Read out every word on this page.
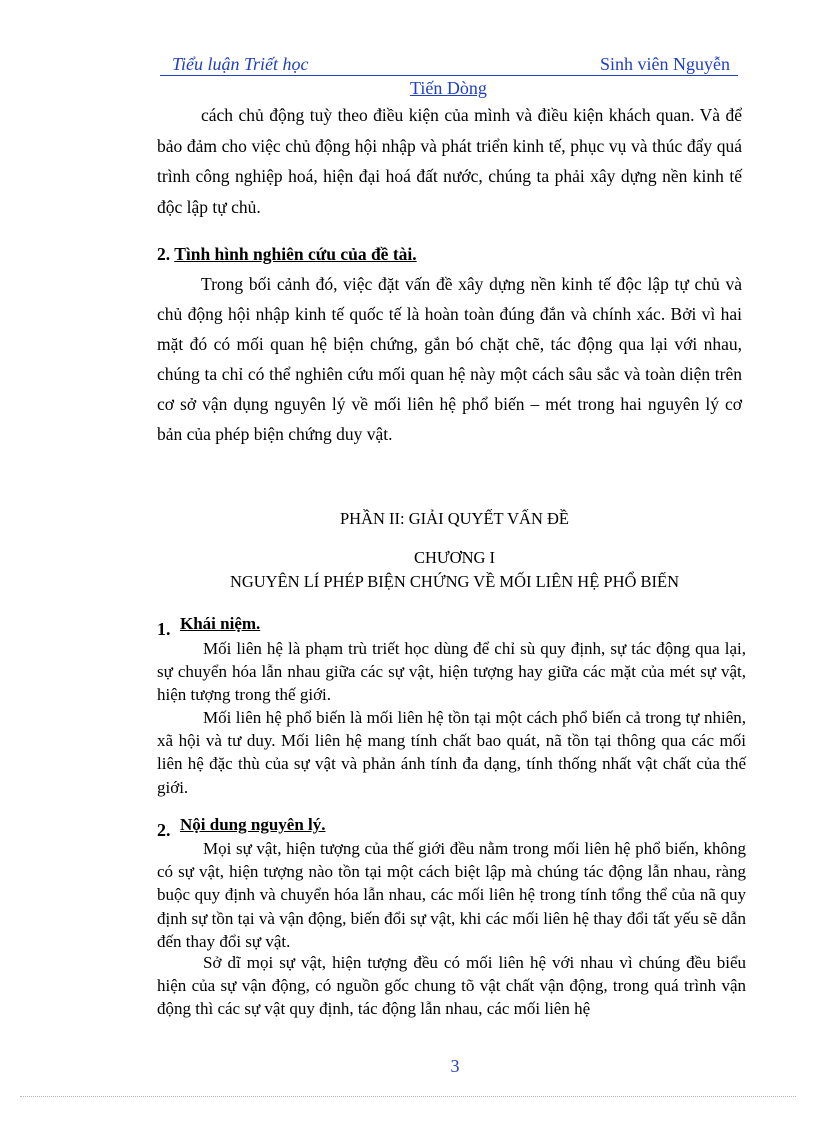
Tiểu luận Triết học	Sinh viên Nguyễn
Tiến Dòng

cách chủ động tuỳ theo điều kiện của mình và điều kiện khách quan. Và để bảo đảm cho việc chủ động hội nhập và phát triển kinh tế, phục vụ và thúc đẩy quá trình công nghiệp hoá, hiện đại hoá đất nước, chúng ta phải xây dựng nền kinh tế độc lập tự chủ.

2. Tình hình nghiên cứu của đề tài.

Trong bối cảnh đó, việc đặt vấn đề xây dựng nền kinh tế độc lập tự chủ và chủ động hội nhập kinh tế quốc tế là hoàn toàn đúng đắn và chính xác. Bởi vì hai mặt đó có mối quan hệ biện chứng, gắn bó chặt chẽ, tác động qua lại với nhau, chúng ta chỉ có thể nghiên cứu mối quan hệ này một cách sâu sắc và toàn diện trên cơ sở vận dụng nguyên lý về mối liên hệ phổ biến – mét trong hai nguyên lý cơ bản của phép biện chứng duy vật.

PHẦN II: GIẢI QUYẾT VẤN ĐỀ
CHƯƠNG I
NGUYÊN LÍ PHÉP BIỆN CHỨNG VỀ MỐI LIÊN HỆ PHỔ BIẾN
1. Khái niệm.

Mối liên hệ là phạm trù triết học dùng để chỉ sù quy định, sự tác động qua lại, sự chuyển hóa lẫn nhau giữa các sự vật, hiện tượng hay giữa các mặt của mét sự vật, hiện tượng trong thế giới.

Mối liên hệ phổ biến là mối liên hệ tồn tại một cách phổ biến cả trong tự nhiên, xã hội và tư duy. Mối liên hệ mang tính chất bao quát, nã tồn tại thông qua các mối liên hệ đặc thù của sự vật và phản ánh tính đa dạng, tính thống nhất vật chất của thế giới.

2. Nội dung nguyên lý.

Mọi sự vật, hiện tượng của thế giới đều nằm trong mối liên hệ phổ biến, không có sự vật, hiện tượng nào tồn tại một cách biệt lập mà chúng tác động lẫn nhau, ràng buộc quy định và chuyển hóa lẫn nhau, các mối liên hệ trong tính tổng thể của nã quy định sự tồn tại và vận động, biến đổi sự vật, khi các mối liên hệ thay đổi tất yếu sẽ dẫn đến thay đổi sự vật.

Sở dĩ mọi sự vật, hiện tượng đều có mối liên hệ với nhau vì chúng đều biểu hiện của sự vận động, có nguồn gốc chung tõ vật chất vận động, trong quá trình vận động thì các sự vật quy định, tác động lẫn nhau, các mối liên hệ

3
